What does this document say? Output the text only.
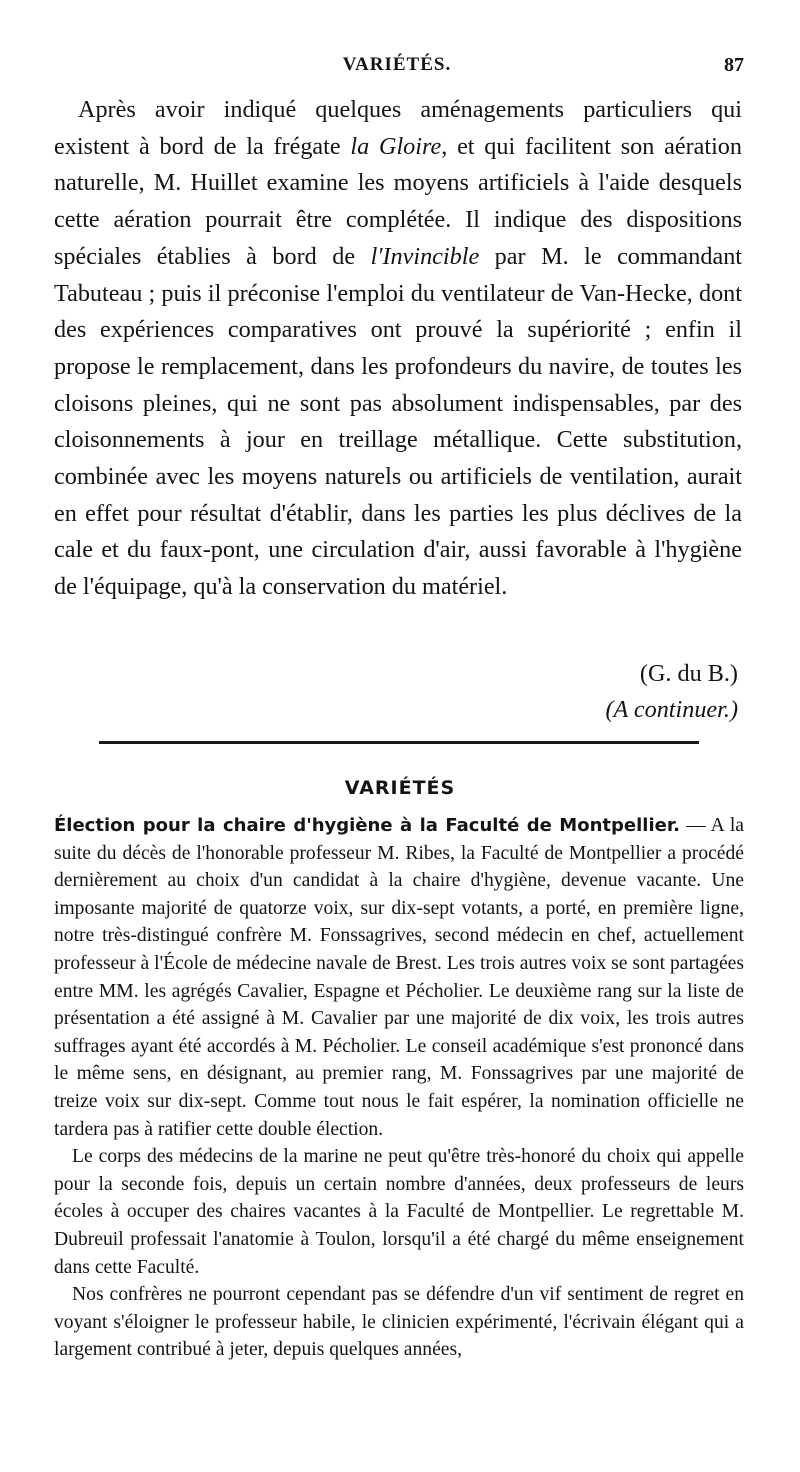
VARIÉTÉS.	87

Après avoir indiqué quelques aménagements particuliers qui existent à bord de la frégate la Gloire, et qui facilitent son aération naturelle, M. Huillet examine les moyens artificiels à l'aide desquels cette aération pourrait être complétée. Il indique des dispositions spéciales établies à bord de l'Invincible par M. le commandant Tabuteau ; puis il préconise l'emploi du ventilateur de Van-Hecke, dont des expériences comparatives ont prouvé la supériorité ; enfin il propose le remplacement, dans les profondeurs du navire, de toutes les cloisons pleines, qui ne sont pas absolument indispensables, par des cloisonnements à jour en treillage métallique. Cette substitution, combinée avec les moyens naturels ou artificiels de ventilation, aurait en effet pour résultat d'établir, dans les parties les plus déclives de la cale et du faux-pont, une circulation d'air, aussi favorable à l'hygiène de l'équipage, qu'à la conservation du matériel.

(G. du B.)
(A continuer.)
VARIÉTÉS

Élection pour la chaire d'hygiène à la Faculté de Montpellier. — A la suite du décès de l'honorable professeur M. Ribes, la Faculté de Montpellier a procédé dernièrement au choix d'un candidat à la chaire d'hygiène, devenue vacante. Une imposante majorité de quatorze voix, sur dix-sept votants, a porté, en première ligne, notre très-distingué confrère M. Fonssagrives, second médecin en chef, actuellement professeur à l'École de médecine navale de Brest. Les trois autres voix se sont partagées entre MM. les agrégés Cavalier, Espagne et Pécholier. Le deuxième rang sur la liste de présentation a été assigné à M. Cavalier par une majorité de dix voix, les trois autres suffrages ayant été accordés à M. Pécholier. Le conseil académique s'est prononcé dans le même sens, en désignant, au premier rang, M. Fonssagrives par une majorité de treize voix sur dix-sept. Comme tout nous le fait espérer, la nomination officielle ne tardera pas à ratifier cette double élection.

Le corps des médecins de la marine ne peut qu'être très-honoré du choix qui appelle pour la seconde fois, depuis un certain nombre d'années, deux professeurs de leurs écoles à occuper des chaires vacantes à la Faculté de Montpellier. Le regrettable M. Dubreuil professait l'anatomie à Toulon, lorsqu'il a été chargé du même enseignement dans cette Faculté.

Nos confrères ne pourront cependant pas se défendre d'un vif sentiment de regret en voyant s'éloigner le professeur habile, le clinicien expérimenté, l'écrivain élégant qui a largement contribué à jeter, depuis quelques années,
